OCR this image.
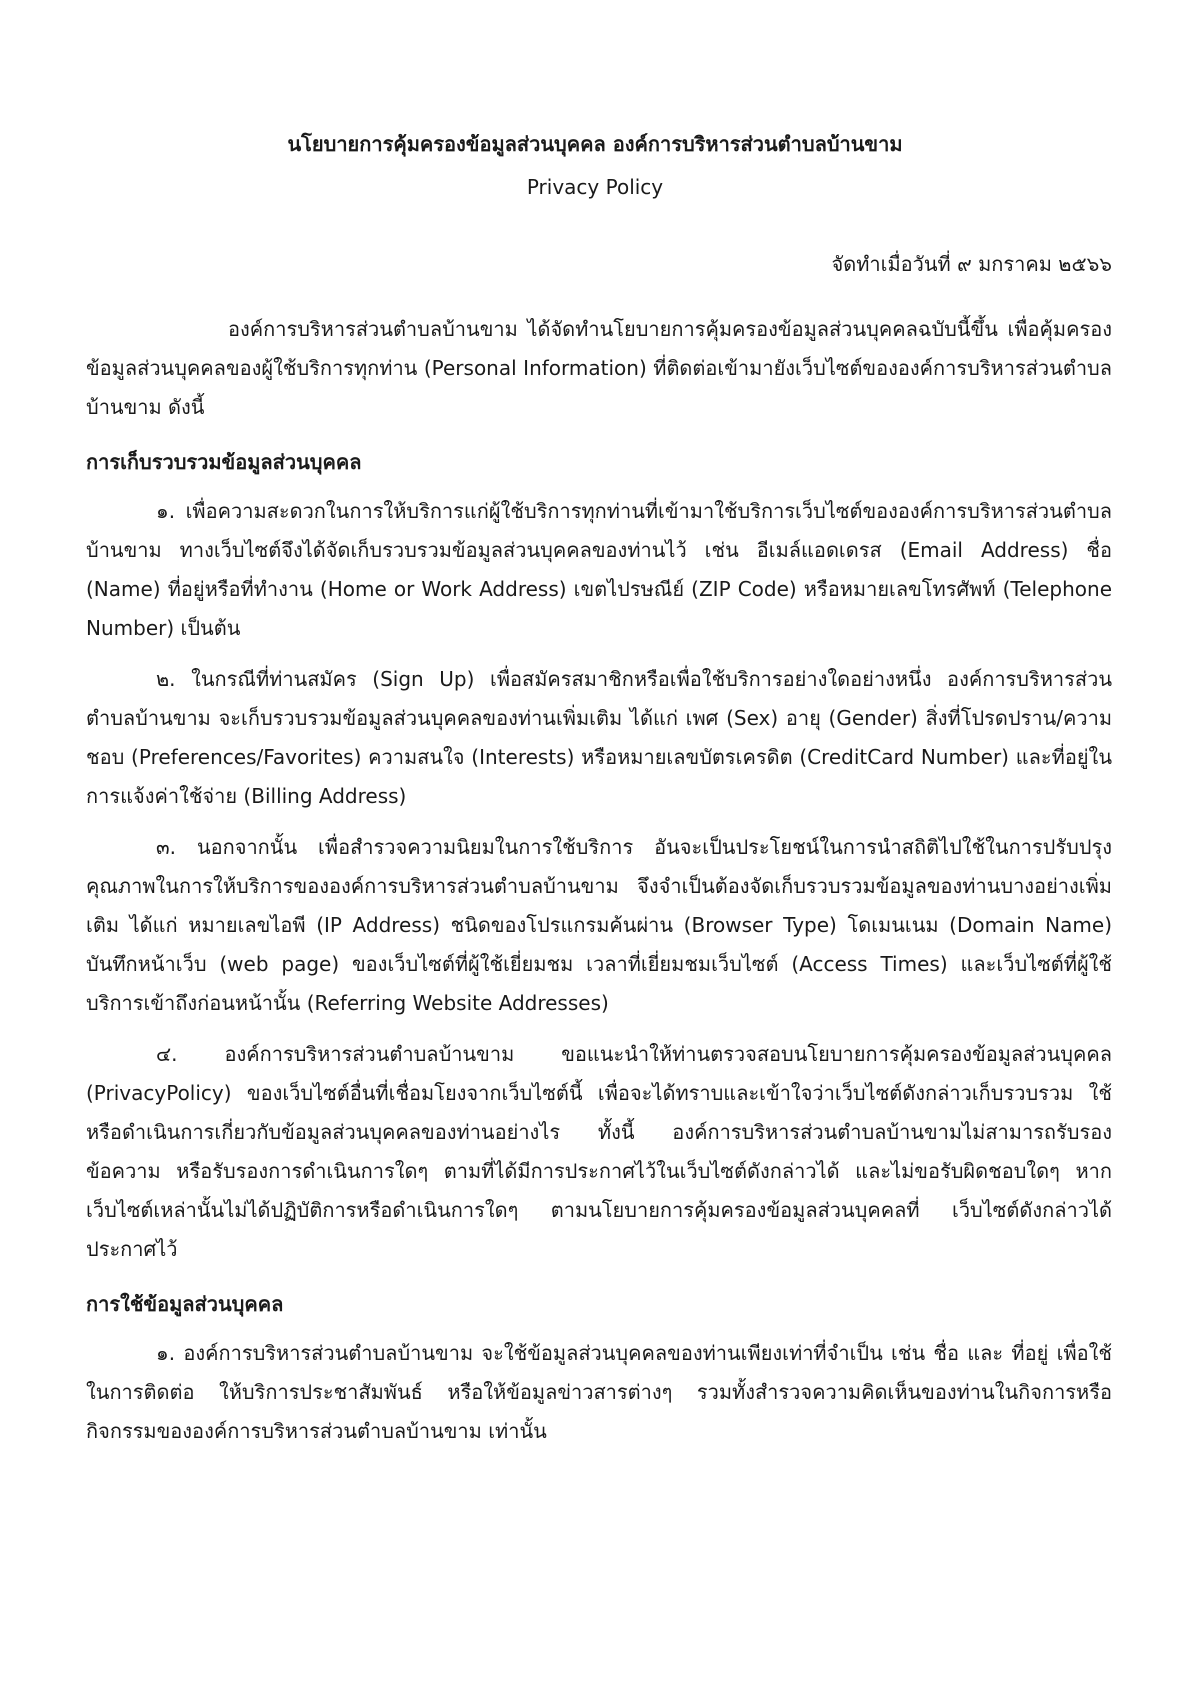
นโยบายการคุ้มครองข้อมูลส่วนบุคคล องค์การบริหารส่วนตำบลบ้านขาม
Privacy Policy
จัดทำเมื่อวันที่ ๙ มกราคม ๒๕๖๖

องค์การบริหารส่วนตำบลบ้านขาม ได้จัดทำนโยบายการคุ้มครองข้อมูลส่วนบุคคลฉบับนี้ขึ้น เพื่อคุ้มครองข้อมูลส่วนบุคคลของผู้ใช้บริการทุกท่าน (Personal Information) ที่ติดต่อเข้ามายังเว็บไซต์ขององค์การบริหารส่วนตำบลบ้านขาม ดังนี้

การเก็บรวบรวมข้อมูลส่วนบุคคล

๑. เพื่อความสะดวกในการให้บริการแก่ผู้ใช้บริการทุกท่านที่เข้ามาใช้บริการเว็บไซต์ขององค์การบริหารส่วนตำบลบ้านขาม ทางเว็บไซต์จึงได้จัดเก็บรวบรวมข้อมูลส่วนบุคคลของท่านไว้ เช่น อีเมล์แอดเดรส (Email Address) ชื่อ (Name) ที่อยู่หรือที่ทำงาน (Home or Work Address) เขตไปรษณีย์ (ZIP Code) หรือหมายเลขโทรศัพท์ (Telephone Number) เป็นต้น

๒. ในกรณีที่ท่านสมัคร (Sign Up) เพื่อสมัครสมาชิกหรือเพื่อใช้บริการอย่างใดอย่างหนึ่ง องค์การบริหารส่วนตำบลบ้านขาม จะเก็บรวบรวมข้อมูลส่วนบุคคลของท่านเพิ่มเติม ได้แก่ เพศ (Sex) อายุ (Gender) สิ่งที่โปรดปราน/ความชอบ (Preferences/Favorites) ความสนใจ (Interests) หรือหมายเลขบัตรเครดิต (CreditCard Number) และที่อยู่ในการแจ้งค่าใช้จ่าย (Billing Address)

๓. นอกจากนั้น เพื่อสำรวจความนิยมในการใช้บริการ อันจะเป็นประโยชน์ในการนำสถิติไปใช้ในการปรับปรุงคุณภาพในการให้บริการขององค์การบริหารส่วนตำบลบ้านขาม จึงจำเป็นต้องจัดเก็บรวบรวมข้อมูลของท่านบางอย่างเพิ่มเติม ได้แก่ หมายเลขไอพี (IP Address) ชนิดของโปรแกรมค้นผ่าน (Browser Type) โดเมนเนม (Domain Name) บันทึกหน้าเว็บ (web page) ของเว็บไซต์ที่ผู้ใช้เยี่ยมชม เวลาที่เยี่ยมชมเว็บไซต์ (Access Times) และเว็บไซต์ที่ผู้ใช้บริการเข้าถึงก่อนหน้านั้น (Referring Website Addresses)

๔. องค์การบริหารส่วนตำบลบ้านขาม ขอแนะนำให้ท่านตรวจสอบนโยบายการคุ้มครองข้อมูลส่วนบุคคล (PrivacyPolicy) ของเว็บไซต์อื่นที่เชื่อมโยงจากเว็บไซต์นี้ เพื่อจะได้ทราบและเข้าใจว่าเว็บไซต์ดังกล่าวเก็บรวบรวม ใช้ หรือดำเนินการเกี่ยวกับข้อมูลส่วนบุคคลของท่านอย่างไร ทั้งนี้ องค์การบริหารส่วนตำบลบ้านขามไม่สามารถรับรองข้อความ หรือรับรองการดำเนินการใดๆ ตามที่ได้มีการประกาศไว้ในเว็บไซต์ดังกล่าวได้ และไม่ขอรับผิดชอบใดๆ หากเว็บไซต์เหล่านั้นไม่ได้ปฏิบัติการหรือดำเนินการใดๆ ตามนโยบายการคุ้มครองข้อมูลส่วนบุคคลที่ เว็บไซต์ดังกล่าวได้ประกาศไว้

การใช้ข้อมูลส่วนบุคคล

๑. องค์การบริหารส่วนตำบลบ้านขาม จะใช้ข้อมูลส่วนบุคคลของท่านเพียงเท่าที่จำเป็น เช่น ชื่อ และ ที่อยู่ เพื่อใช้ในการติดต่อ ให้บริการประชาสัมพันธ์ หรือให้ข้อมูลข่าวสารต่างๆ รวมทั้งสำรวจความคิดเห็นของท่านในกิจการหรือกิจกรรมขององค์การบริหารส่วนตำบลบ้านขาม เท่านั้น
